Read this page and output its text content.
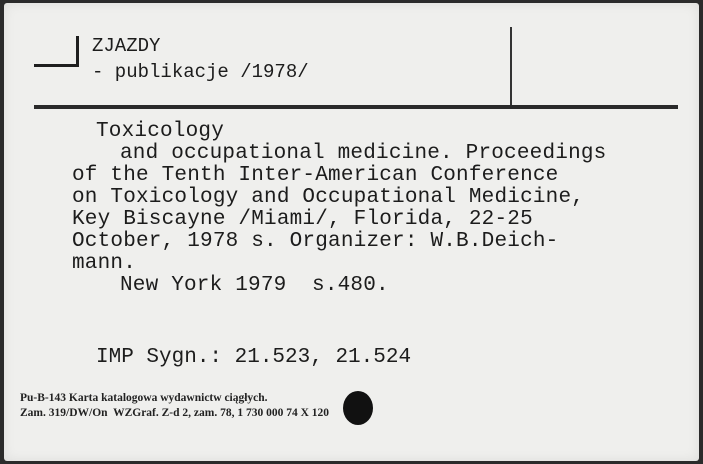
ZJAZDY
- publikacje /1978/
Toxicology
and occupational medicine. Proceedings
of the Tenth Inter-American Conference
on Toxicology and Occupational Medicine,
Key Biscayne /Miami/, Florida, 22-25
October, 1978 s. Organizer: W.B.Deich-
mann.
New York 1979  s.480.
IMP Sygn.: 21.523, 21.524
Pu-B-143 Karta katalogowa wydawnictw ciągłych.
Zam. 319/DW/On  WZGraf. Z-d 2, zam. 78, 1 730 000 74 X 120
